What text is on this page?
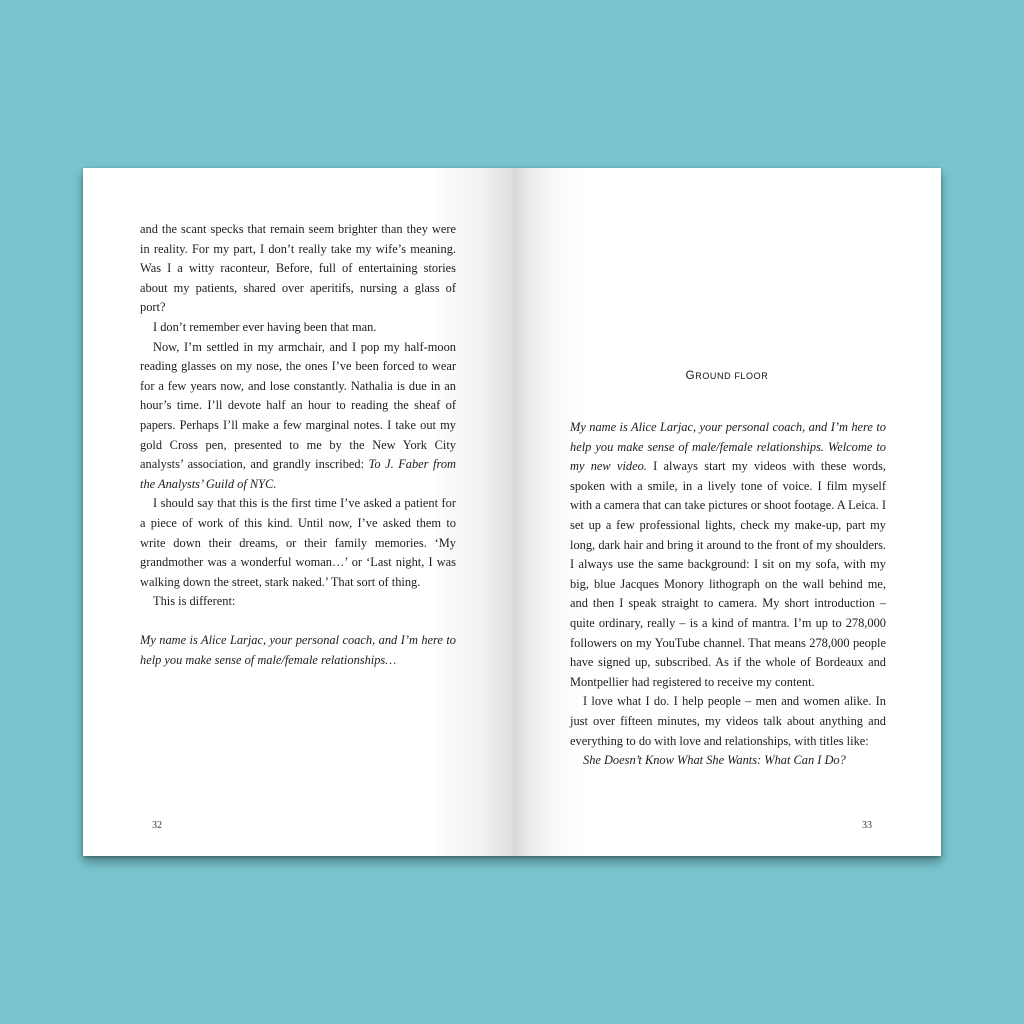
and the scant specks that remain seem brighter than they were in reality. For my part, I don’t really take my wife’s meaning. Was I a witty raconteur, Before, full of entertaining stories about my patients, shared over aperitifs, nursing a glass of port?

I don’t remember ever having been that man.

Now, I’m settled in my armchair, and I pop my half-moon reading glasses on my nose, the ones I’ve been forced to wear for a few years now, and lose constantly. Nathalia is due in an hour’s time. I’ll devote half an hour to reading the sheaf of papers. Perhaps I’ll make a few marginal notes. I take out my gold Cross pen, presented to me by the New York City analysts’ association, and grandly inscribed: To J. Faber from the Analysts’ Guild of NYC.

I should say that this is the first time I’ve asked a patient for a piece of work of this kind. Until now, I’ve asked them to write down their dreams, or their family memories. ‘My grandmother was a wonderful woman…’ or ‘Last night, I was walking down the street, stark naked.’ That sort of thing.

This is different:

My name is Alice Larjac, your personal coach, and I’m here to help you make sense of male/female relationships…

32
GROUND FLOOR

My name is Alice Larjac, your personal coach, and I’m here to help you make sense of male/female relationships. Welcome to my new video. I always start my videos with these words, spoken with a smile, in a lively tone of voice. I film myself with a camera that can take pictures or shoot footage. A Leica. I set up a few professional lights, check my make-up, part my long, dark hair and bring it around to the front of my shoulders. I always use the same background: I sit on my sofa, with my big, blue Jacques Monory lithograph on the wall behind me, and then I speak straight to camera. My short introduction – quite ordinary, really – is a kind of mantra. I’m up to 278,000 followers on my YouTube channel. That means 278,000 people have signed up, subscribed. As if the whole of Bordeaux and Montpellier had registered to receive my content.

I love what I do. I help people – men and women alike. In just over fifteen minutes, my videos talk about anything and everything to do with love and relationships, with titles like:

She Doesn’t Know What She Wants: What Can I Do?

33
